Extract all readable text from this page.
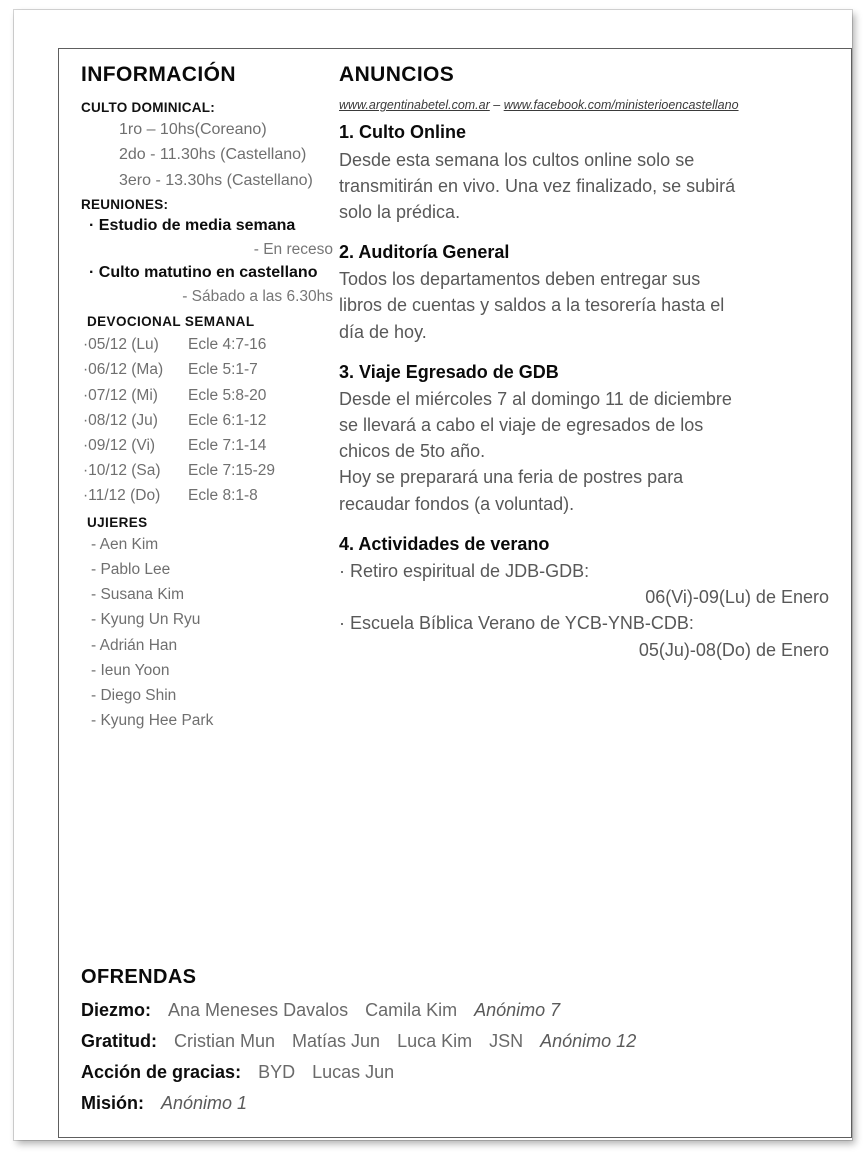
INFORMACIÓN
CULTO DOMINICAL:
1ro – 10hs(Coreano)
2do - 11.30hs (Castellano)
3ero - 13.30hs (Castellano)
REUNIONES:
· Estudio de media semana
- En receso
· Culto matutino en castellano
- Sábado a las 6.30hs
DEVOCIONAL SEMANAL
·05/12 (Lu)	Ecle 4:7-16
·06/12 (Ma)	Ecle 5:1-7
·07/12 (Mi)	Ecle 5:8-20
·08/12 (Ju)	Ecle 6:1-12
·09/12 (Vi)	Ecle 7:1-14
·10/12 (Sa)	Ecle 7:15-29
·11/12 (Do)	Ecle 8:1-8
UJIERES
- Aen Kim
- Pablo Lee
- Susana Kim
- Kyung Un Ryu
- Adrián Han
- Ieun Yoon
- Diego Shin
- Kyung Hee Park
ANUNCIOS
www.argentinabetel.com.ar – www.facebook.com/ministerioencastellano
1. Culto Online
Desde esta semana los cultos online solo se
transmitirán en vivo. Una vez finalizado, se subirá
solo la prédica.
2. Auditoría General
Todos los departamentos deben entregar sus
libros de cuentas y saldos a la tesorería hasta el
día de hoy.
3. Viaje Egresado de GDB
Desde el miércoles 7 al domingo 11 de diciembre
se llevará a cabo el viaje de egresados de los
chicos de 5to año.
Hoy se preparará una feria de postres para
recaudar fondos (a voluntad).
4. Actividades de verano
· Retiro espiritual de JDB-GDB:
06(Vi)-09(Lu) de Enero
· Escuela Bíblica Verano de YCB-YNB-CDB:
05(Ju)-08(Do) de Enero
OFRENDAS
Diezmo: Ana Meneses Davalos Camila Kim Anónimo 7
Gratitud: Cristian Mun Matías Jun Luca Kim JSN Anónimo 12
Acción de gracias: BYD Lucas Jun
Misión: Anónimo 1
